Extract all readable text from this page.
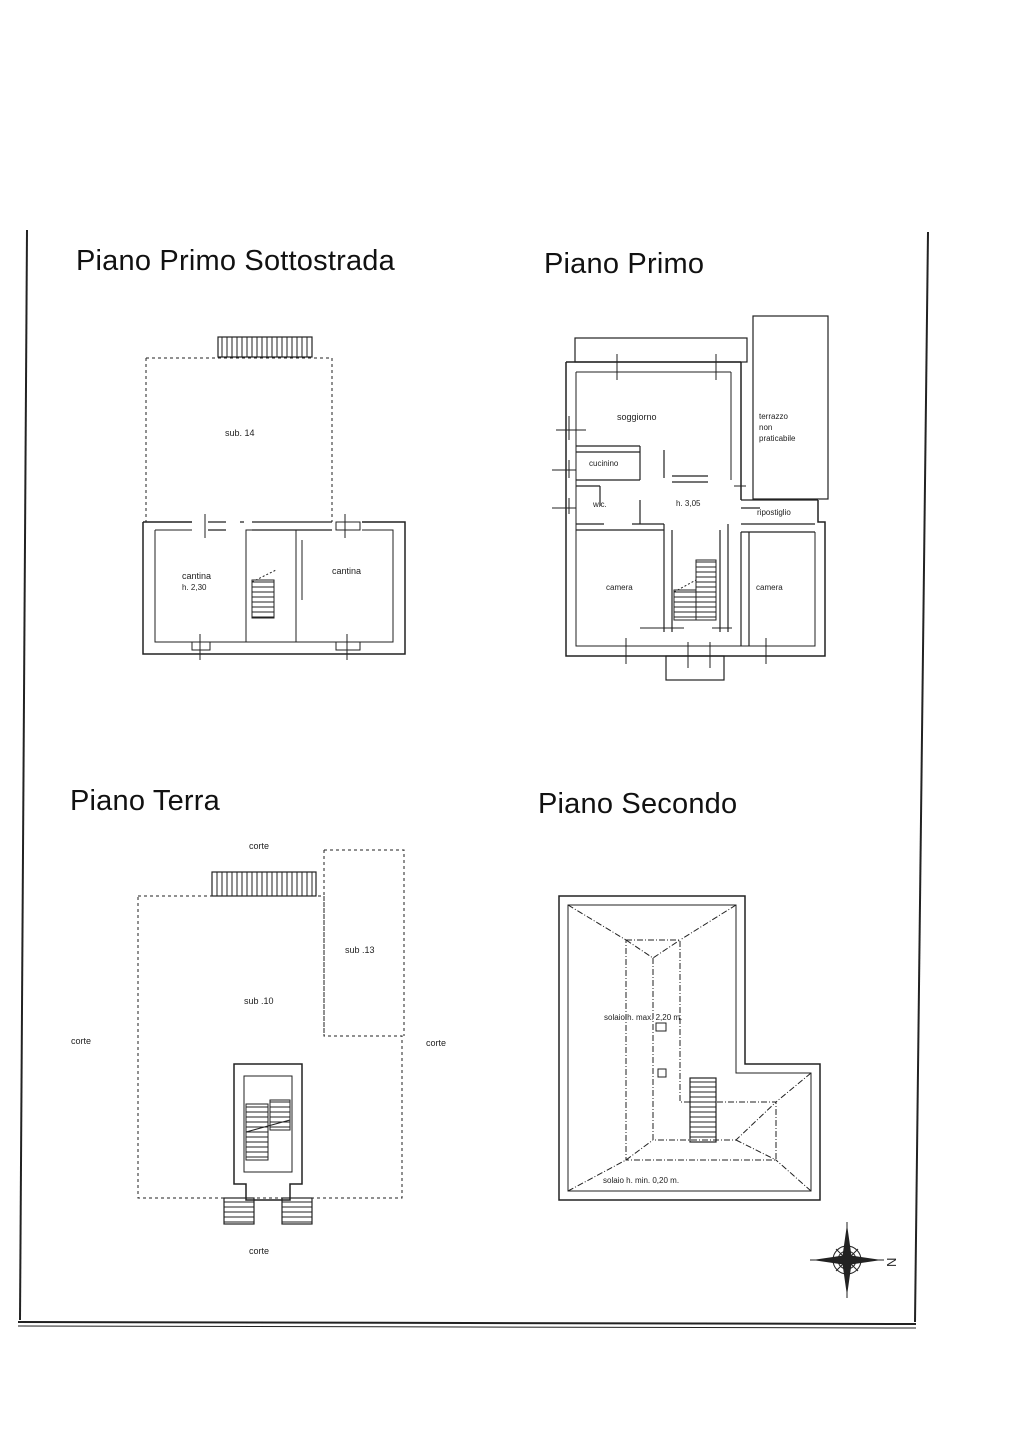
Piano Primo Sottostrada	Piano Primo
Piano Terra	Piano Secondo
sub. 14
cantina
h. 2,30
cantina
soggiorno	terrazzo
non
praticabile
cucinino
w.c.	h. 3,05
ripostiglio
camera	camera
corte
sub .13
sub .10
corte	corte
corte
solaio h. max. 2,20 m.
solaio h. min. 0,20 m.
N
